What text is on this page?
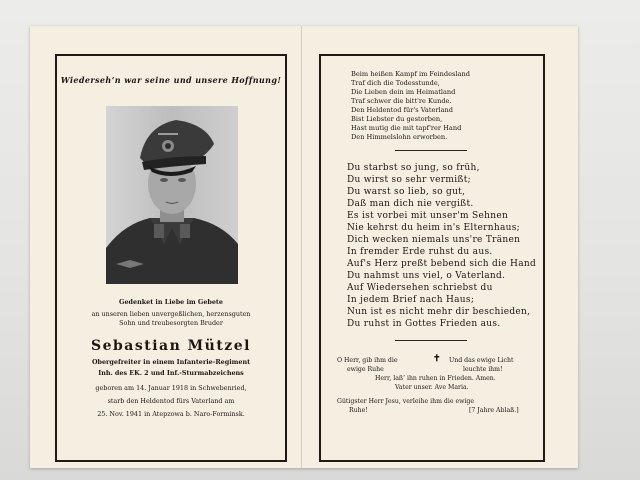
Wiederseh’n war seine und unsere Hoffnung!
Gedenket in Liebe im Gebete
an unseren lieben unvergeßlichen, herzensguten
Sohn und treubesorgten Bruder
Sebastian Mützel
Obergefreiter in einem Infanterie-Regiment
Inh. des EK. 2 und Inf.-Sturmabzeichens
geboren am 14. Januar 1918 in Schwebenried,
starb den Heldentod fürs Vaterland am
25. Nov. 1941 in Atepzowa b. Naro-Forminsk.
Beim heißen Kampf im Feindesland
Traf dich die Todesstunde,
Die Lieben dein im Heimatland
Traf schwer die bitt're Kunde.
Den Heldentod für's Vaterland
Bist Liebster du gestorben,
Hast mutig die mit tapf'rer Hand
Den Himmelslohn erworben.
Du starbst so jung, so früh,
Du wirst so sehr vermißt;
Du warst so lieb, so gut,
Daß man dich nie vergißt.
Es ist vorbei mit unser'm Sehnen
Nie kehrst du heim in's Elternhaus;
Dich wecken niemals uns're Tränen
In fremder Erde ruhst du aus.
Auf's Herz preßt bebend sich die Hand
Du nahmst uns viel, o Vaterland.
Auf Wiedersehen schriebst du
In jedem Brief nach Haus;
Nun ist es nicht mehr dir beschieden,
Du ruhst in Gottes Frieden aus.
O Herr, gib ihm die
ewige Ruhe
✝ Und das ewige Licht
leuchte ihm!
Herr, laß’ ihn ruhen in Frieden. Amen.
Vater unser. Ave Maria.
Gütigster Herr Jesu, verleihe ihm die ewige
Ruhe!	[7 Jahre Ablaß.]
